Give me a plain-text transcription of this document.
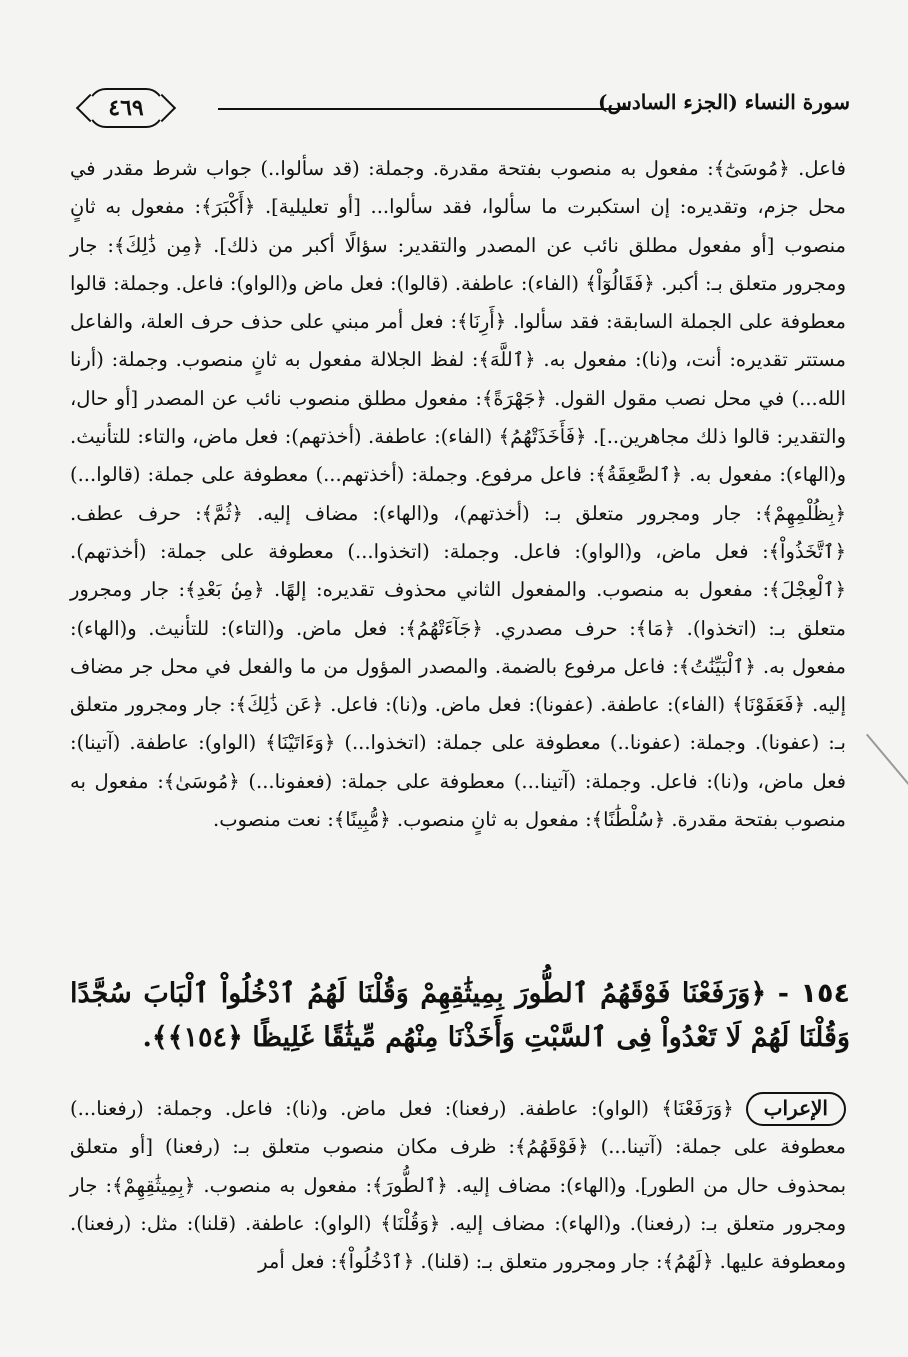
٤٦٩	سورة النساء (الجزء السادس)

فاعل. ﴿مُوسَىٰٓ﴾: مفعول به منصوب بفتحة مقدرة. وجملة: (قد سألوا..) جواب شرط مقدر في محل جزم، وتقديره: إن استكبرت ما سألوا، فقد سألوا... [أو تعليلية]. ﴿أَكْبَرَ﴾: مفعول به ثانٍ منصوب [أو مفعول مطلق نائب عن المصدر والتقدير: سؤالًا أكبر من ذلك]. ﴿مِن ذَٰلِكَ﴾: جار ومجرور متعلق بـ: أكبر. ﴿فَقَالُوٓاْ﴾ (الفاء): عاطفة. (قالوا): فعل ماض و(الواو): فاعل. وجملة: قالوا معطوفة على الجملة السابقة: فقد سألوا. ﴿أَرِنَا﴾: فعل أمر مبني على حذف حرف العلة، والفاعل مستتر تقديره: أنت، و(نا): مفعول به. ﴿ٱللَّهَ﴾: لفظ الجلالة مفعول به ثانٍ منصوب. وجملة: (أرنا الله...) في محل نصب مقول القول. ﴿جَهْرَةً﴾: مفعول مطلق منصوب نائب عن المصدر [أو حال، والتقدير: قالوا ذلك مجاهرين..]. ﴿فَأَخَذَتْهُمُ﴾ (الفاء): عاطفة. (أخذتهم): فعل ماض، والتاء: للتأنيث. و(الهاء): مفعول به. ﴿ٱلصَّٰعِقَةُ﴾: فاعل مرفوع. وجملة: (أخذتهم...) معطوفة على جملة: (قالوا...) ﴿بِظُلْمِهِمْ﴾: جار ومجرور متعلق بـ: (أخذتهم)، و(الهاء): مضاف إليه. ﴿ثُمَّ﴾: حرف عطف. ﴿ٱتَّخَذُواْ﴾: فعل ماض، و(الواو): فاعل. وجملة: (اتخذوا...) معطوفة على جملة: (أخذتهم). ﴿ٱلْعِجْلَ﴾: مفعول به منصوب. والمفعول الثاني محذوف تقديره: إلهًا. ﴿مِنۢ بَعْدِ﴾: جار ومجرور متعلق بـ: (اتخذوا). ﴿مَا﴾: حرف مصدري. ﴿جَآءَتْهُمُ﴾: فعل ماض. و(التاء): للتأنيث. و(الهاء): مفعول به. ﴿ٱلْبَيِّنَٰتُ﴾: فاعل مرفوع بالضمة. والمصدر المؤول من ما والفعل في محل جر مضاف إليه. ﴿فَعَفَوْنَا﴾ (الفاء): عاطفة. (عفونا): فعل ماض. و(نا): فاعل. ﴿عَن ذَٰلِكَ﴾: جار ومجرور متعلق بـ: (عفونا). وجملة: (عفونا..) معطوفة على جملة: (اتخذوا...) ﴿وَءَاتَيْنَا﴾ (الواو): عاطفة. (آتينا): فعل ماض، و(نا): فاعل. وجملة: (آتينا...) معطوفة على جملة: (فعفونا...) ﴿مُوسَىٰ﴾: مفعول به منصوب بفتحة مقدرة. ﴿سُلْطَٰنًا﴾: مفعول به ثانٍ منصوب. ﴿مُّبِينًا﴾: نعت منصوب.

١٥٤ - ﴿وَرَفَعْنَا فَوْقَهُمُ ٱلطُّورَ بِمِيثَٰقِهِمْ وَقُلْنَا لَهُمُ ٱدْخُلُواْ ٱلْبَابَ سُجَّدًا وَقُلْنَا لَهُمْ لَا تَعْدُواْ فِى ٱلسَّبْتِ وَأَخَذْنَا مِنْهُم مِّيثَٰقًا غَلِيظًا ﴿١٥٤﴾﴾.
الإعراب
﴿وَرَفَعْنَا﴾ (الواو): عاطفة. (رفعنا): فعل ماض. و(نا): فاعل. وجملة: (رفعنا...) معطوفة على جملة: (آتينا...) ﴿فَوْقَهُمُ﴾: ظرف مكان منصوب متعلق بـ: (رفعنا) [أو متعلق بمحذوف حال من الطور]. و(الهاء): مضاف إليه. ﴿ٱلطُّورَ﴾: مفعول به منصوب. ﴿بِمِيثَٰقِهِمْ﴾: جار ومجرور متعلق بـ: (رفعنا). و(الهاء): مضاف إليه. ﴿وَقُلْنَا﴾ (الواو): عاطفة. (قلنا): مثل: (رفعنا). ومعطوفة عليها. ﴿لَهُمُ﴾: جار ومجرور متعلق بـ: (قلنا). ﴿ٱدْخُلُواْ﴾: فعل أمر
